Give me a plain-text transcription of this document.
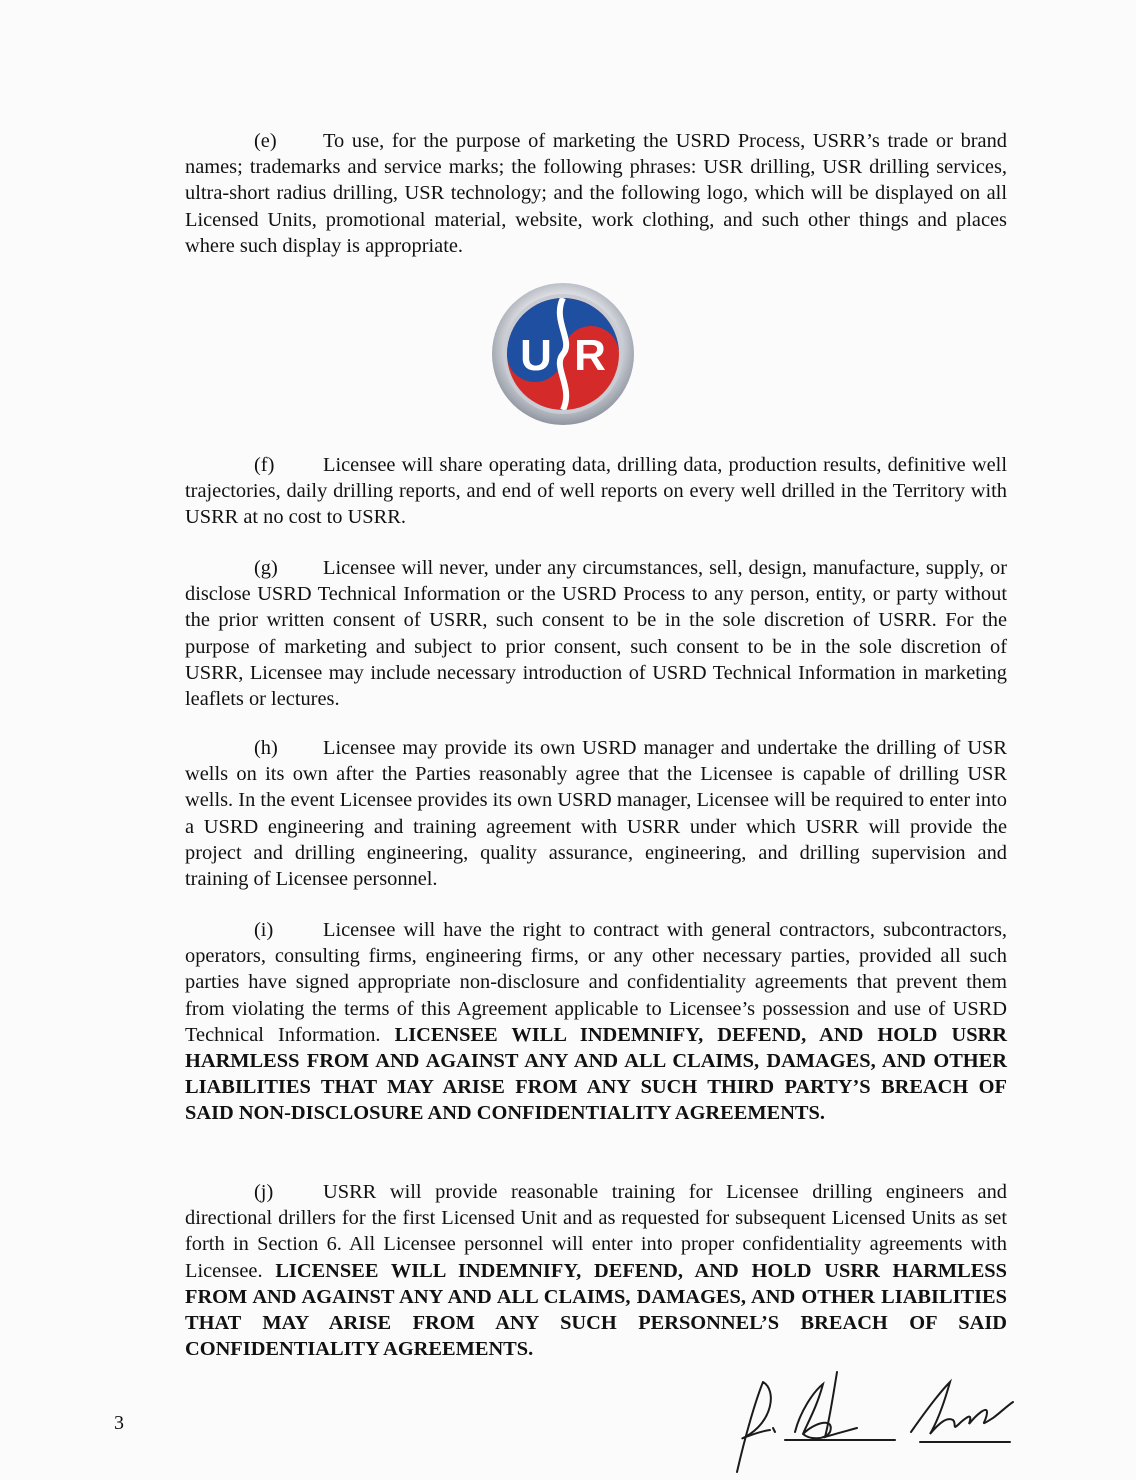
(e) To use, for the purpose of marketing the USRD Process, USRR’s trade or brand names; trademarks and service marks; the following phrases: USR drilling, USR drilling services, ultra-short radius drilling, USR technology; and the following logo, which will be displayed on all Licensed Units, promotional material, website, work clothing, and such other things and places where such display is appropriate.

U R

(f) Licensee will share operating data, drilling data, production results, definitive well trajectories, daily drilling reports, and end of well reports on every well drilled in the Territory with USRR at no cost to USRR.

(g) Licensee will never, under any circumstances, sell, design, manufacture, supply, or disclose USRD Technical Information or the USRD Process to any person, entity, or party without the prior written consent of USRR, such consent to be in the sole discretion of USRR. For the purpose of marketing and subject to prior consent, such consent to be in the sole discretion of USRR, Licensee may include necessary introduction of USRD Technical Information in marketing leaflets or lectures.

(h) Licensee may provide its own USRD manager and undertake the drilling of USR wells on its own after the Parties reasonably agree that the Licensee is capable of drilling USR wells. In the event Licensee provides its own USRD manager, Licensee will be required to enter into a USRD engineering and training agreement with USRR under which USRR will provide the project and drilling engineering, quality assurance, engineering, and drilling supervision and training of Licensee personnel.

(i) Licensee will have the right to contract with general contractors, subcontractors, operators, consulting firms, engineering firms, or any other necessary parties, provided all such parties have signed appropriate non-disclosure and confidentiality agreements that prevent them from violating the terms of this Agreement applicable to Licensee’s possession and use of USRD Technical Information. LICENSEE WILL INDEMNIFY, DEFEND, AND HOLD USRR HARMLESS FROM AND AGAINST ANY AND ALL CLAIMS, DAMAGES, AND OTHER LIABILITIES THAT MAY ARISE FROM ANY SUCH THIRD PARTY’S BREACH OF SAID NON-DISCLOSURE AND CONFIDENTIALITY AGREEMENTS.

(j) USRR will provide reasonable training for Licensee drilling engineers and directional drillers for the first Licensed Unit and as requested for subsequent Licensed Units as set forth in Section 6. All Licensee personnel will enter into proper confidentiality agreements with Licensee. LICENSEE WILL INDEMNIFY, DEFEND, AND HOLD USRR HARMLESS FROM AND AGAINST ANY AND ALL CLAIMS, DAMAGES, AND OTHER LIABILITIES THAT MAY ARISE FROM ANY SUCH PERSONNEL’S BREACH OF SAID CONFIDENTIALITY AGREEMENTS.

3
